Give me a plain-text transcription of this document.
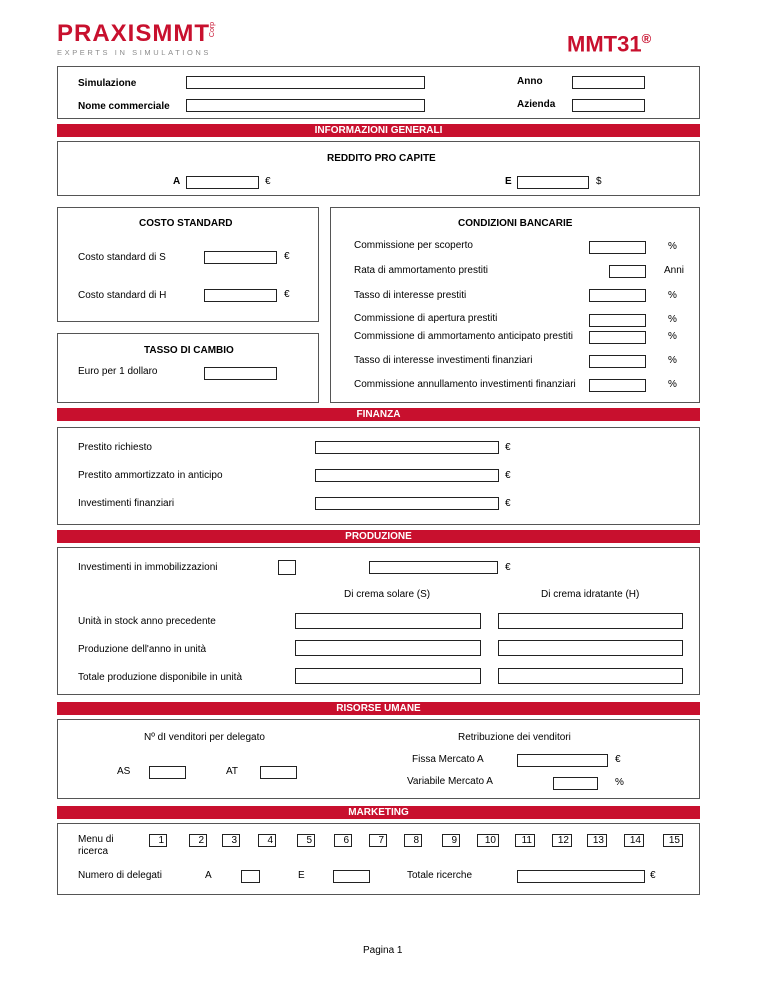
PRAXISMMT Corp
EXPERTS IN SIMULATIONS	MMT31®
Simulazione	Anno
Nome commerciale	Azienda
INFORMAZIONI GENERALI
REDDITO PRO CAPITE
A	€	E	$
COSTO STANDARD
Costo standard di S	€
Costo standard di H	€
TASSO DI CAMBIO
Euro per 1 dollaro
CONDIZIONI BANCARIE
Commissione per scoperto	%
Rata di ammortamento prestiti	Anni
Tasso di interesse prestiti	%
Commissione di apertura prestiti	%
Commissione di ammortamento anticipato prestiti	%
Tasso di interesse investimenti finanziari	%
Commissione annullamento investimenti finanziari	%
FINANZA
Prestito richiesto	€
Prestito ammortizzato in anticipo	€
Investimenti finanziari	€
PRODUZIONE
Investimenti in immobilizzazioni	€
Di crema solare (S)	Di crema idratante (H)
Unità in stock anno precedente
Produzione dell'anno in unità
Totale produzione disponibile in unità
RISORSE UMANE
Nº dI venditori per delegato	Retribuzione dei venditori
Fissa Mercato A	€
AS	AT
Variabile Mercato A	%
MARKETING
Menu di ricerca
1	2	3	4	5	6	7	8	9	10	11	12	13	14	15
Numero di delegati	A	E	Totale ricerche	€
Pagina 1
